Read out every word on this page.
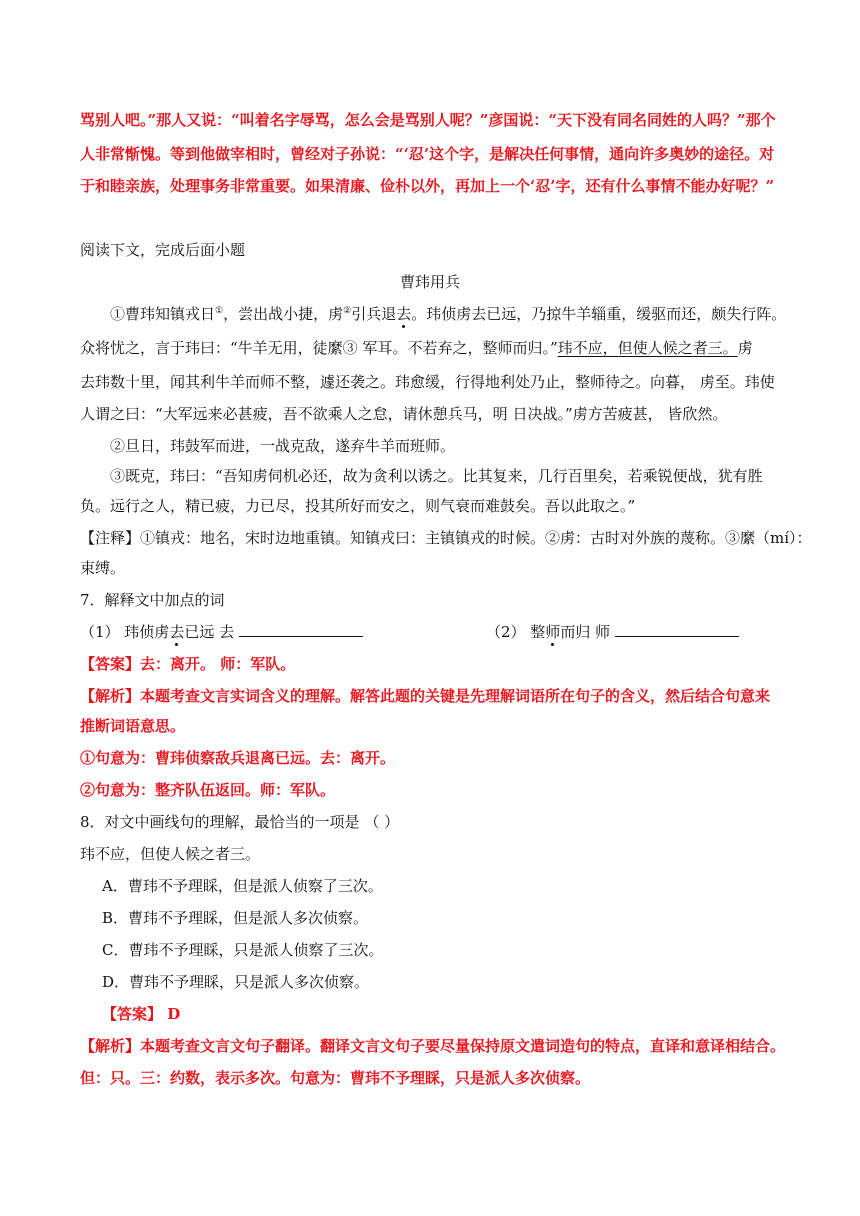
骂别人吧。”那人又说：“叫着名字辱骂，怎么会是骂别人呢？”彦国说：“天下没有同名同姓的人吗？”那个
人非常惭愧。等到他做宰相时，曾经对子孙说：“‘忍’这个字，是解决任何事情，通向许多奥妙的途径。对
于和睦亲族，处理事务非常重要。如果清廉、俭朴以外，再加上一个‘忍’字，还有什么事情不能办好呢？”
阅读下文，完成后面小题
曹玮用兵
①曹玮知镇戎日①，尝出战小捷，虏②引兵退去。玮侦虏去已远，乃掠牛羊辎重，缓驱而还，颇失行阵。
众将忧之，言于玮曰：“牛羊无用，徒縻③ 军耳。不若弃之，整师而归。”玮不应，但使人候之者三。虏
去玮数十里，闻其利牛羊而师不整，遽还袭之。玮愈缓，行得地利处乃止，整师待之。向暮， 虏至。玮使
人谓之曰：“大军远来必甚疲，吾不欲乘人之怠，请休憩兵马，明 日决战。”虏方苦疲甚， 皆欣然。
②旦日，玮鼓军而进，一战克敌，遂弃牛羊而班师。
③既克，玮曰：“吾知虏伺机必还，故为贪利以诱之。比其复来，几行百里矣，若乘锐便战，犹有胜
负。远行之人，精已疲，力已尽，投其所好而安之，则气衰而难鼓矣。吾以此取之。”
【注释】①镇戎：地名，宋时边地重镇。知镇戎曰：主镇镇戎的时候。②虏：古时对外族的蔑称。③縻（mí）：
束缚。
7．解释文中加点的词
（1） 玮侦虏去已远 去	（2） 整师而归 师
【答案】去：离开。 师：军队。
【解析】本题考查文言实词含义的理解。解答此题的关键是先理解词语所在句子的含义，然后结合句意来
推断词语意思。
①句意为：曹玮侦察敌兵退离已远。去：离开。
②句意为：整齐队伍返回。师：军队。
8．对文中画线句的理解，最恰当的一项是 （ ）
玮不应，但使人候之者三。
A．曹玮不予理睬，但是派人侦察了三次。
B．曹玮不予理睬，但是派人多次侦察。
C．曹玮不予理睬，只是派人侦察了三次。
D．曹玮不予理睬，只是派人多次侦察。
【答案】 D
【解析】本题考查文言文句子翻译。翻译文言文句子要尽量保持原文遣词造句的特点，直译和意译相结合。
但：只。三：约数，表示多次。句意为：曹玮不予理睬，只是派人多次侦察。
